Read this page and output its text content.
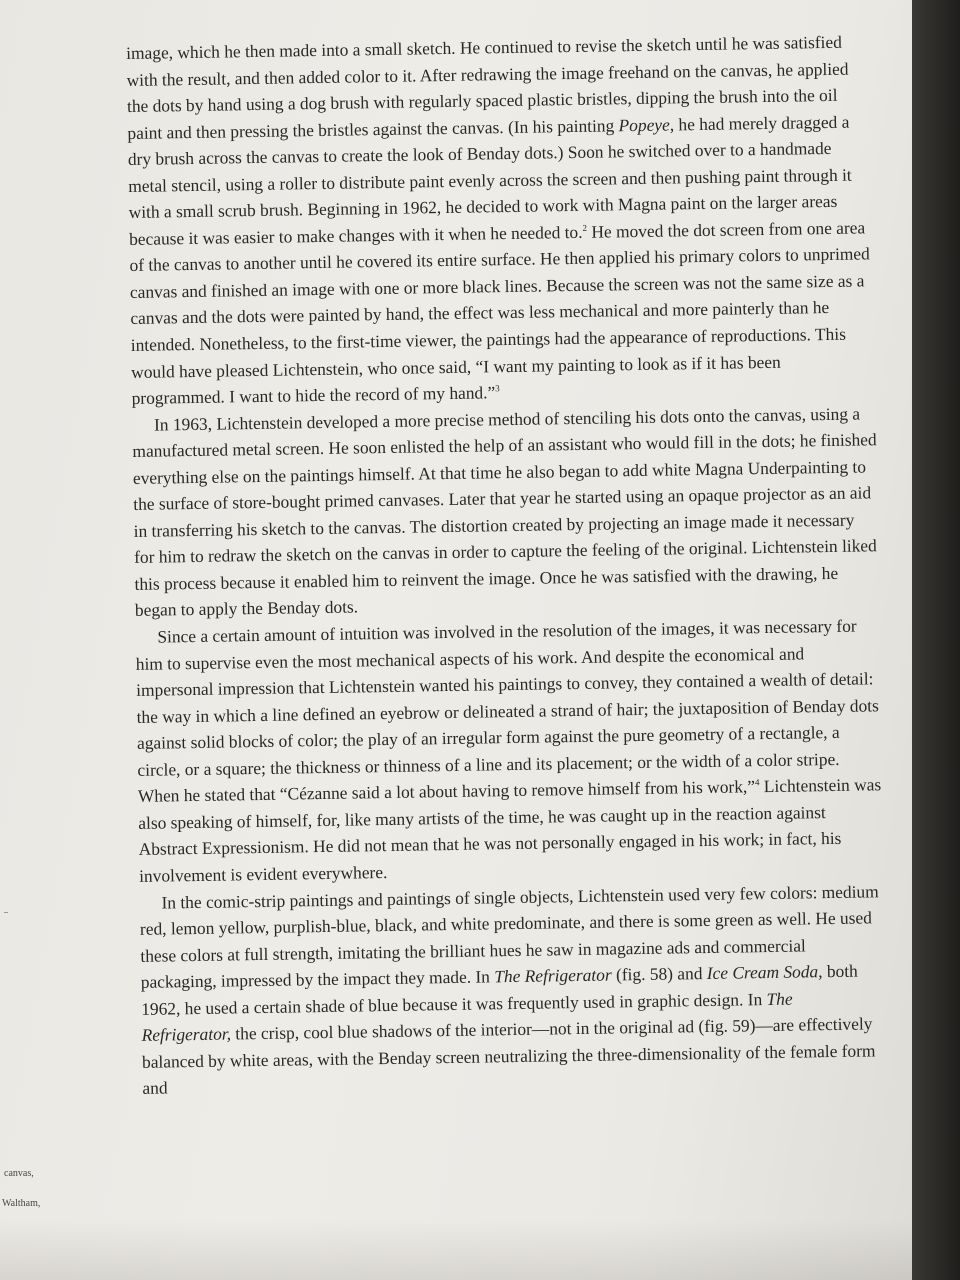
image, which he then made into a small sketch. He continued to revise the sketch until he was satisfied with the result, and then added color to it. After redrawing the image freehand on the canvas, he applied the dots by hand using a dog brush with regularly spaced plastic bristles, dipping the brush into the oil paint and then pressing the bristles against the canvas. (In his painting Popeye, he had merely dragged a dry brush across the canvas to create the look of Benday dots.) Soon he switched over to a handmade metal stencil, using a roller to distribute paint evenly across the screen and then pushing paint through it with a small scrub brush. Beginning in 1962, he decided to work with Magna paint on the larger areas because it was easier to make changes with it when he needed to.$^2$ He moved the dot screen from one area of the canvas to another until he covered its entire surface. He then applied his primary colors to unprimed canvas and finished an image with one or more black lines. Because the screen was not the same size as a canvas and the dots were painted by hand, the effect was less mechanical and more painterly than he intended. Nonetheless, to the first-time viewer, the paintings had the appearance of reproductions. This would have pleased Lichtenstein, who once said, “I want my painting to look as if it has been programmed. I want to hide the record of my hand.”$^3$

In 1963, Lichtenstein developed a more precise method of stenciling his dots onto the canvas, using a manufactured metal screen. He soon enlisted the help of an assistant who would fill in the dots; he finished everything else on the paintings himself. At that time he also began to add white Magna Underpainting to the surface of store-bought primed canvases. Later that year he started using an opaque projector as an aid in transferring his sketch to the canvas. The distortion created by projecting an image made it necessary for him to redraw the sketch on the canvas in order to capture the feeling of the original. Lichtenstein liked this process because it enabled him to reinvent the image. Once he was satisfied with the drawing, he began to apply the Benday dots.

Since a certain amount of intuition was involved in the resolution of the images, it was necessary for him to supervise even the most mechanical aspects of his work. And despite the economical and impersonal impression that Lichtenstein wanted his paintings to convey, they contained a wealth of detail: the way in which a line defined an eyebrow or delineated a strand of hair; the juxtaposition of Benday dots against solid blocks of color; the play of an irregular form against the pure geometry of a rectangle, a circle, or a square; the thickness or thinness of a line and its placement; or the width of a color stripe. When he stated that “Cézanne said a lot about having to remove himself from his work,”$^4$ Lichtenstein was also speaking of himself, for, like many artists of the time, he was caught up in the reaction against Abstract Expressionism. He did not mean that he was not personally engaged in his work; in fact, his involvement is evident everywhere.

In the comic-strip paintings and paintings of single objects, Lichtenstein used very few colors: medium red, lemon yellow, purplish-blue, black, and white predominate, and there is some green as well. He used these colors at full strength, imitating the brilliant hues he saw in magazine ads and commercial packaging, impressed by the impact they made. In The Refrigerator (fig. 58) and Ice Cream Soda, both 1962, he used a certain shade of blue because it was frequently used in graphic design. In The Refrigerator, the crisp, cool blue shadows of the interior—not in the original ad (fig. 59)—are effectively balanced by white areas, with the Benday screen neutralizing the three-dimensionality of the female form and

canvas,
Waltham,
